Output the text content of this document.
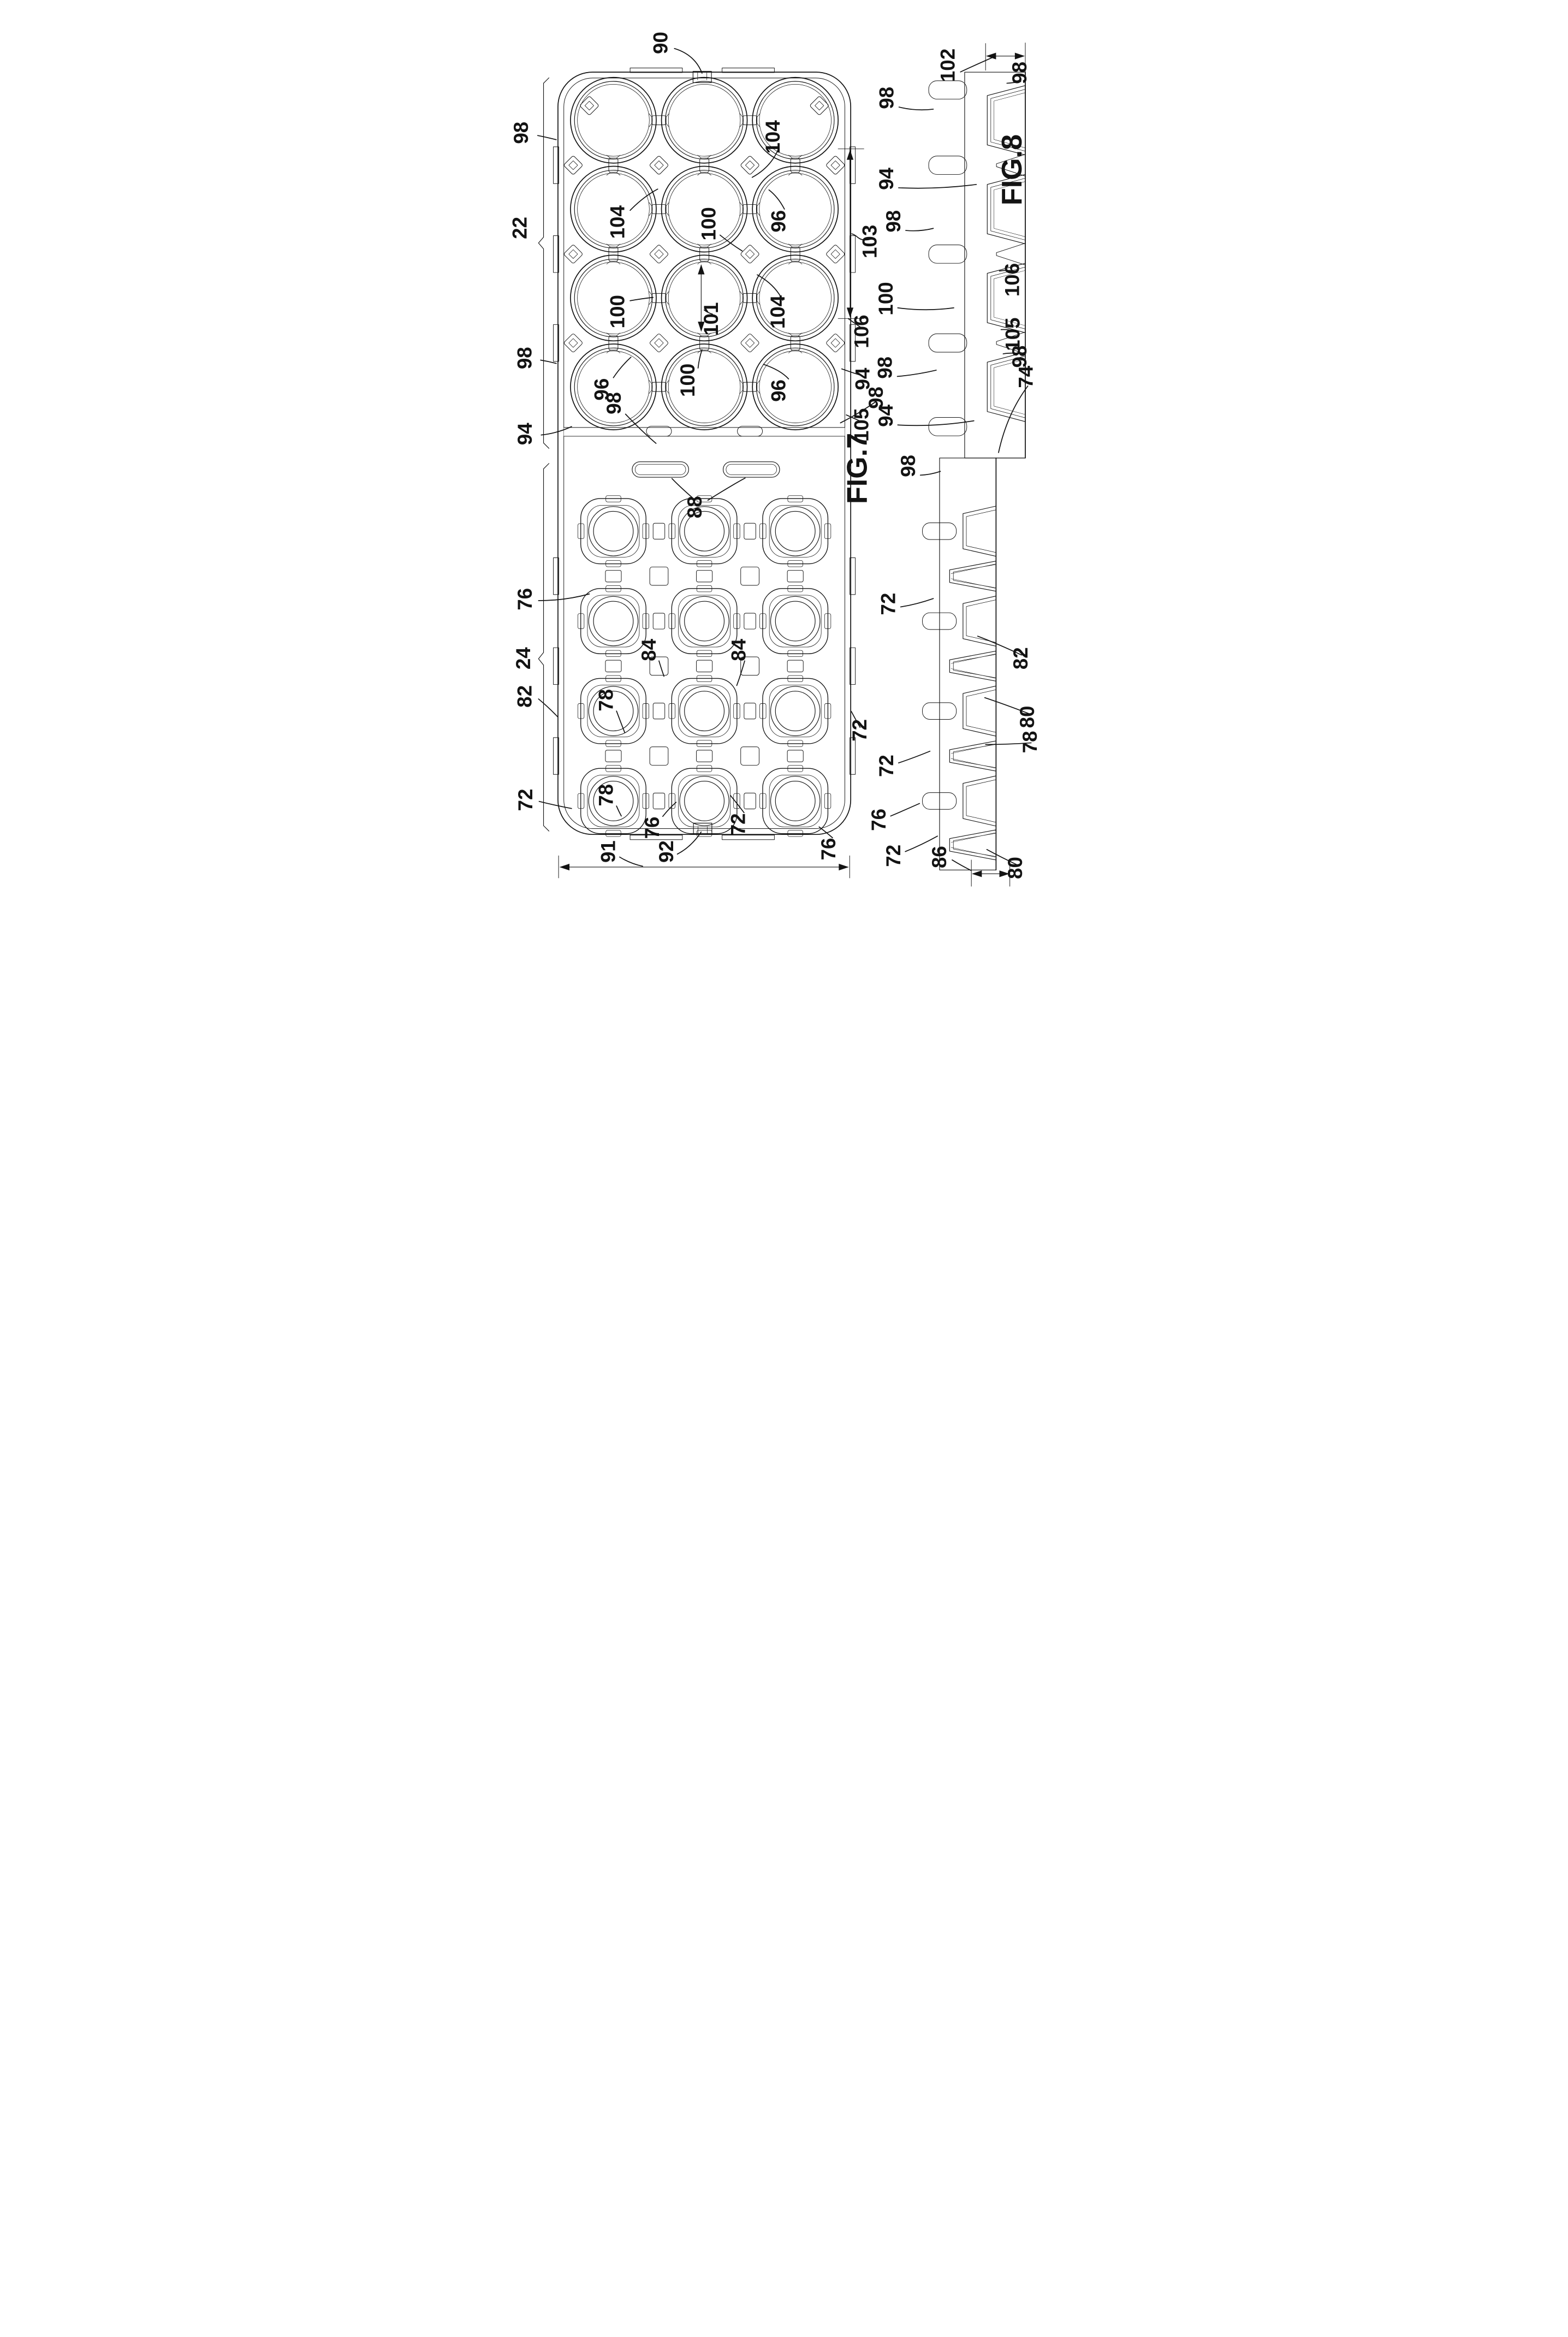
90
98
22
98
94
104
104 100 96
103
100 101 104
106
94
105
98
96
98
100 96
FIG.7
88
76
24
82
84 84
78
72
72 78
76 72
76
91 92
102
98
94
98
100
98
94
98
98
FIG.8
106
105
98
74
72
82
80
78
72
76
72 86 80
